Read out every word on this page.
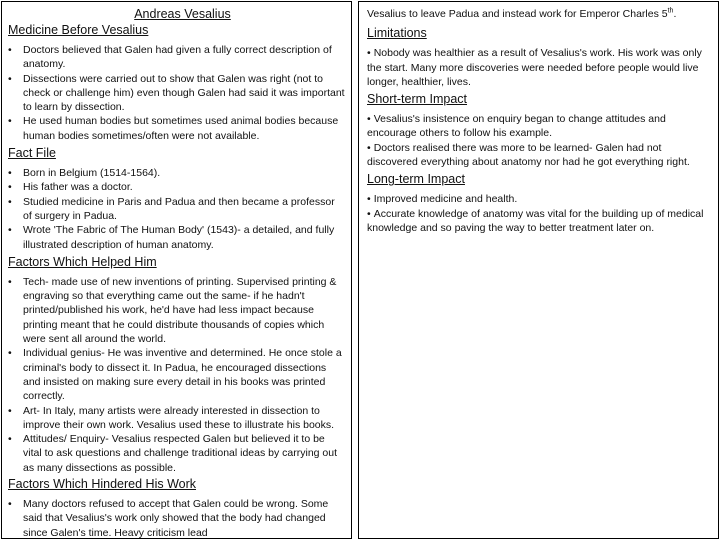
Andreas Vesalius
Medicine Before Vesalius
• Doctors believed that Galen had given a fully correct description of anatomy.
• Dissections were carried out to show that Galen was right (not to check or challenge him) even though Galen had said it was important to learn by dissection.
• He used human bodies but sometimes used animal bodies because human bodies sometimes/often were not available.
Fact File
• Born in Belgium (1514-1564).
• His father was a doctor.
• Studied medicine in Paris and Padua and then became a professor of surgery in Padua.
• Wrote 'The Fabric of The Human Body' (1543)- a detailed, and fully illustrated description of human anatomy.
Factors Which Helped Him
• Tech- made use of new inventions of printing. Supervised printing & engraving so that everything came out the same- if he hadn't printed/published his work, he'd have had less impact because printing meant that he could distribute thousands of copies which were sent all around the world.
• Individual genius- He was inventive and determined. He once stole a criminal's body to dissect it. In Padua, he encouraged dissections and insisted on making sure every detail in his books was printed correctly.
• Art- In Italy, many artists were already interested in dissection to improve their own work. Vesalius used these to illustrate his books.
• Attitudes/ Enquiry- Vesalius respected Galen but believed it to be vital to ask questions and challenge traditional ideas by carrying out as many dissections as possible.
Factors Which Hindered His Work
• Many doctors refused to accept that Galen could be wrong. Some said that Vesalius's work only showed that the body had changed since Galen's time. Heavy criticism lead
Vesalius to leave Padua and instead work for Emperor Charles 5th.
Limitations
• Nobody was healthier as a result of Vesalius's work. His work was only the start. Many more discoveries were needed before people would live longer, healthier, lives.
Short-term Impact
• Vesalius's insistence on enquiry began to change attitudes and encourage others to follow his example.
• Doctors realised there was more to be learned- Galen had not discovered everything about anatomy nor had he got everything right.
Long-term Impact
• Improved medicine and health.
• Accurate knowledge of anatomy was vital for the building up of medical knowledge and so paving the way to better treatment later on.
